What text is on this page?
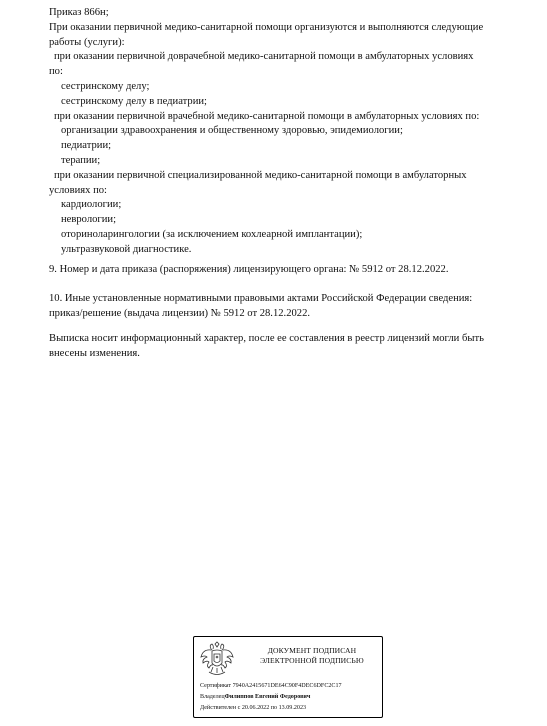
Приказ 866н;
При оказании первичной медико-санитарной помощи организуются и выполняются следующие
работы (услуги):
при оказании первичной доврачебной медико-санитарной помощи в амбулаторных условиях
по:
сестринскому делу;
сестринскому делу в педиатрии;
при оказании первичной врачебной медико-санитарной помощи в амбулаторных условиях по:
организации здравоохранения и общественному здоровью, эпидемиологии;
педиатрии;
терапии;
при оказании первичной специализированной медико-санитарной помощи в амбулаторных
условиях по:
кардиологии;
неврологии;
оториноларингологии (за исключением кохлеарной имплантации);
ультразвуковой диагностике.
9. Номер и дата приказа (распоряжения) лицензирующего органа: № 5912 от 28.12.2022.
10. Иные установленные нормативными правовыми актами Российской Федерации сведения:
приказ/решение (выдача лицензии) № 5912 от 28.12.2022.
Выписка носит информационный характер, после ее составления в реестр лицензий могли быть
внесены изменения.
ДОКУМЕНТ ПОДПИСАН
ЭЛЕКТРОННОЙ ПОДПИСЬЮ
Сертификат 7940A2415671DE64C90F4DEC6DFC2C17
ВладелецФилиппов Евгений Федорович
Действителен с 20.06.2022 по 13.09.2023
